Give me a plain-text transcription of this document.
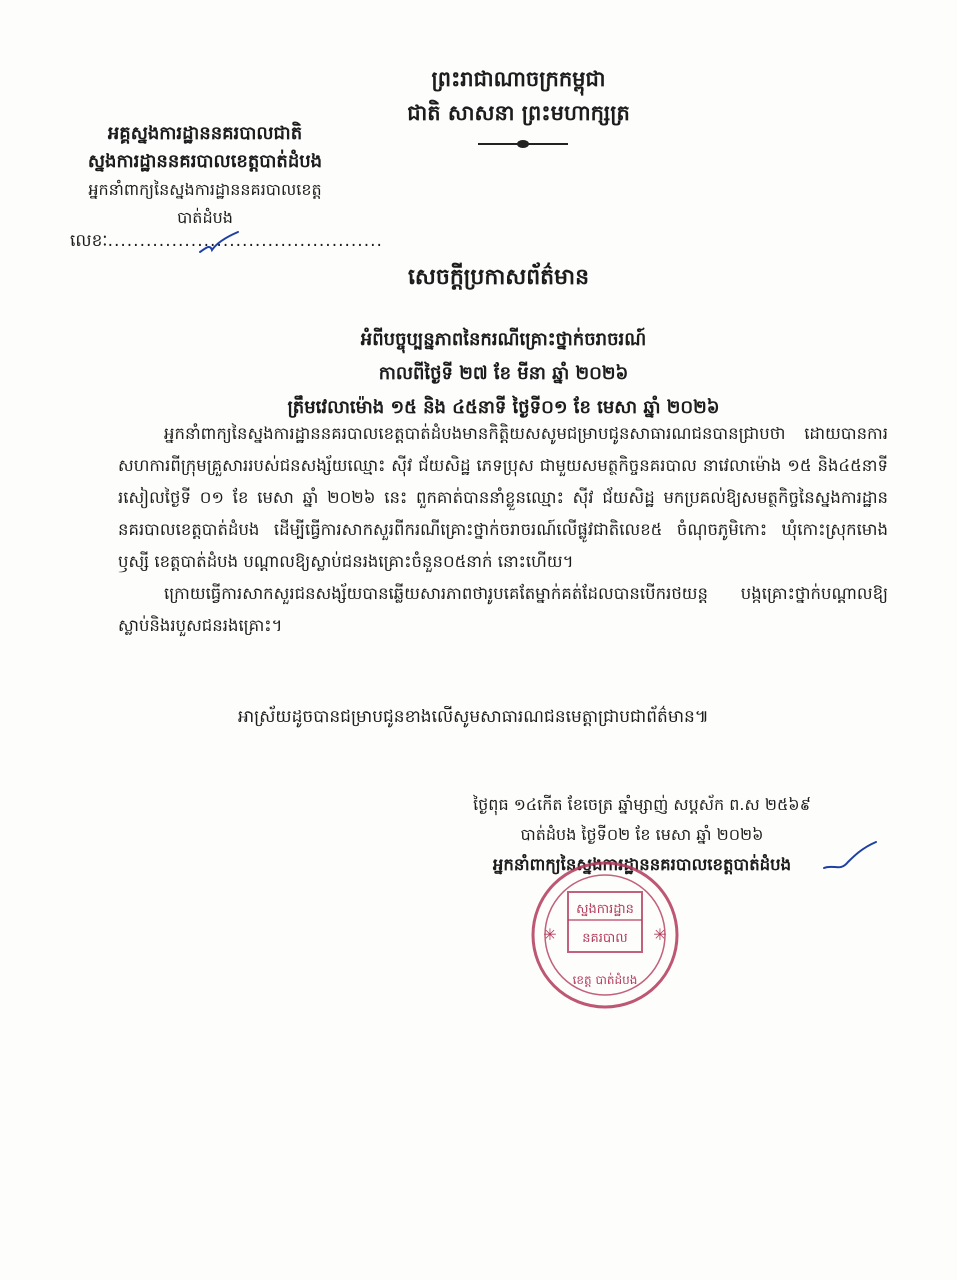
ព្រះរាជាណាចក្រកម្ពុជា
ជាតិ សាសនា ព្រះមហាក្សត្រ
អគ្គស្នងការដ្ឋាននគរបាលជាតិ
ស្នងការដ្ឋាននគរបាលខេត្តបាត់ដំបង
អ្នកនាំពាក្យនៃស្នងការដ្ឋាននគរបាលខេត្ត
បាត់ដំបង
លេខៈ...........................................
សេចក្តីប្រកាសព័ត៌មាន
អំពីបច្ចុប្បន្នភាពនៃករណីគ្រោះថ្នាក់ចរាចរណ៍
កាលពីថ្ងៃទី ២៧ ខែ មីនា ឆ្នាំ ២០២៦
ត្រឹមវេលាម៉ោង ១៥ និង ៤៥នាទី ថ្ងៃទី០១ ខែ មេសា ឆ្នាំ ២០២៦

អ្នកនាំពាក្យនៃស្នងការដ្ឋាននគរបាលខេត្តបាត់ដំបងមានកិត្តិយសសូមជម្រាបជូនសាធារណជនបានជ្រាបថា ដោយបានការសហការពីក្រុមគ្រួសាររបស់ជនសង្ស័យឈ្មោះ ស៊ីវ ជ័យសិដ្ឋ ភេទប្រុស ជាមួយសមត្ថកិច្ចនគរបាល នាវេលាម៉ោង ១៥ និង៤៥នាទីរសៀលថ្ងៃទី ០១ ខែ មេសា ឆ្នាំ ២០២៦ នេះ ពួកគាត់បាននាំខ្លួនឈ្មោះ ស៊ីវ ជ័យសិដ្ឋ មកប្រគល់ឱ្យសមត្ថកិច្ចនៃស្នងការដ្ឋាននគរបាលខេត្តបាត់ដំបង ដើម្បីធ្វើការសាកសួរពីករណីគ្រោះថ្នាក់ចរាចរណ៍លើផ្លូវជាតិលេខ៥ ចំណុចភូមិកោះ ឃុំកោះស្រុកមោងឫស្សី ខេត្តបាត់ដំបង បណ្តាលឱ្យស្លាប់ជនរងគ្រោះចំនួន០៥នាក់ នោះហើយ។

ក្រោយធ្វើការសាកសួរជនសង្ស័យបានឆ្លើយសារភាពថារូបគេតែម្នាក់គត់ដែលបានបើករថយន្ត បង្កគ្រោះថ្នាក់បណ្តាលឱ្យស្លាប់និងរបួសជនរងគ្រោះ។

អាស្រ័យដូចបានជម្រាបជូនខាងលើសូមសាធារណជនមេត្តាជ្រាបជាព័ត៌មាន៕
ថ្ងៃពុធ ១៤កើត ខែចេត្រ ឆ្នាំម្សាញ់ សប្តស័ក ព.ស ២៥៦៩
បាត់ដំបង ថ្ងៃទី០២ ខែ មេសា ឆ្នាំ ២០២៦
អ្នកនាំពាក្យនៃស្នងការដ្ឋាននគរបាលខេត្តបាត់ដំបង
ស្នងការដ្ឋាន
នគរបាល
ខេត្ត បាត់ដំបង
✳	✳
